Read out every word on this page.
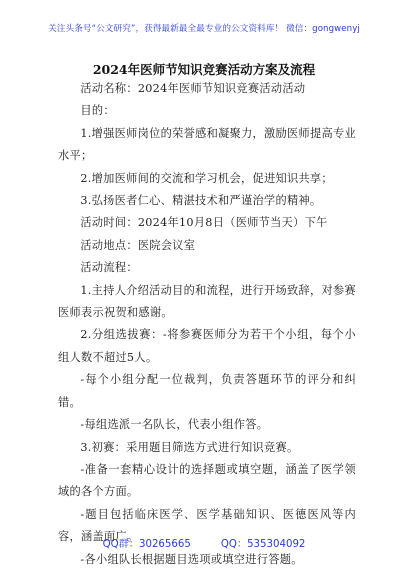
关注头条号“公文研究”，获得最新最全最专业的公文资料库！ 微信：gongwenyj
2024年医师节知识竞赛活动方案及流程

活动名称：2024年医师节知识竞赛活动活动

目的：

1.增强医师岗位的荣誉感和凝聚力，激励医师提高专业水平；

2.增加医师间的交流和学习机会，促进知识共享；

3.弘扬医者仁心、精湛技术和严谨治学的精神。

活动时间：2024年10月8日（医师节当天）下午

活动地点：医院会议室

活动流程：

1.主持人介绍活动目的和流程，进行开场致辞，对参赛医师表示祝贺和感谢。

2.分组选拔赛：-将参赛医师分为若干个小组，每个小组人数不超过5人。

-每个小组分配一位裁判，负责答题环节的评分和纠错。

-每组选派一名队长，代表小组作答。

3.初赛：采用题目筛选方式进行知识竞赛。

-准备一套精心设计的选择题或填空题，涵盖了医学领域的各个方面。

-题目包括临床医学、医学基础知识、医德医风等内容，涵盖面广。

-各小组队长根据题目选项或填空进行答题。

QQ群：30265665	QQ：535304092
